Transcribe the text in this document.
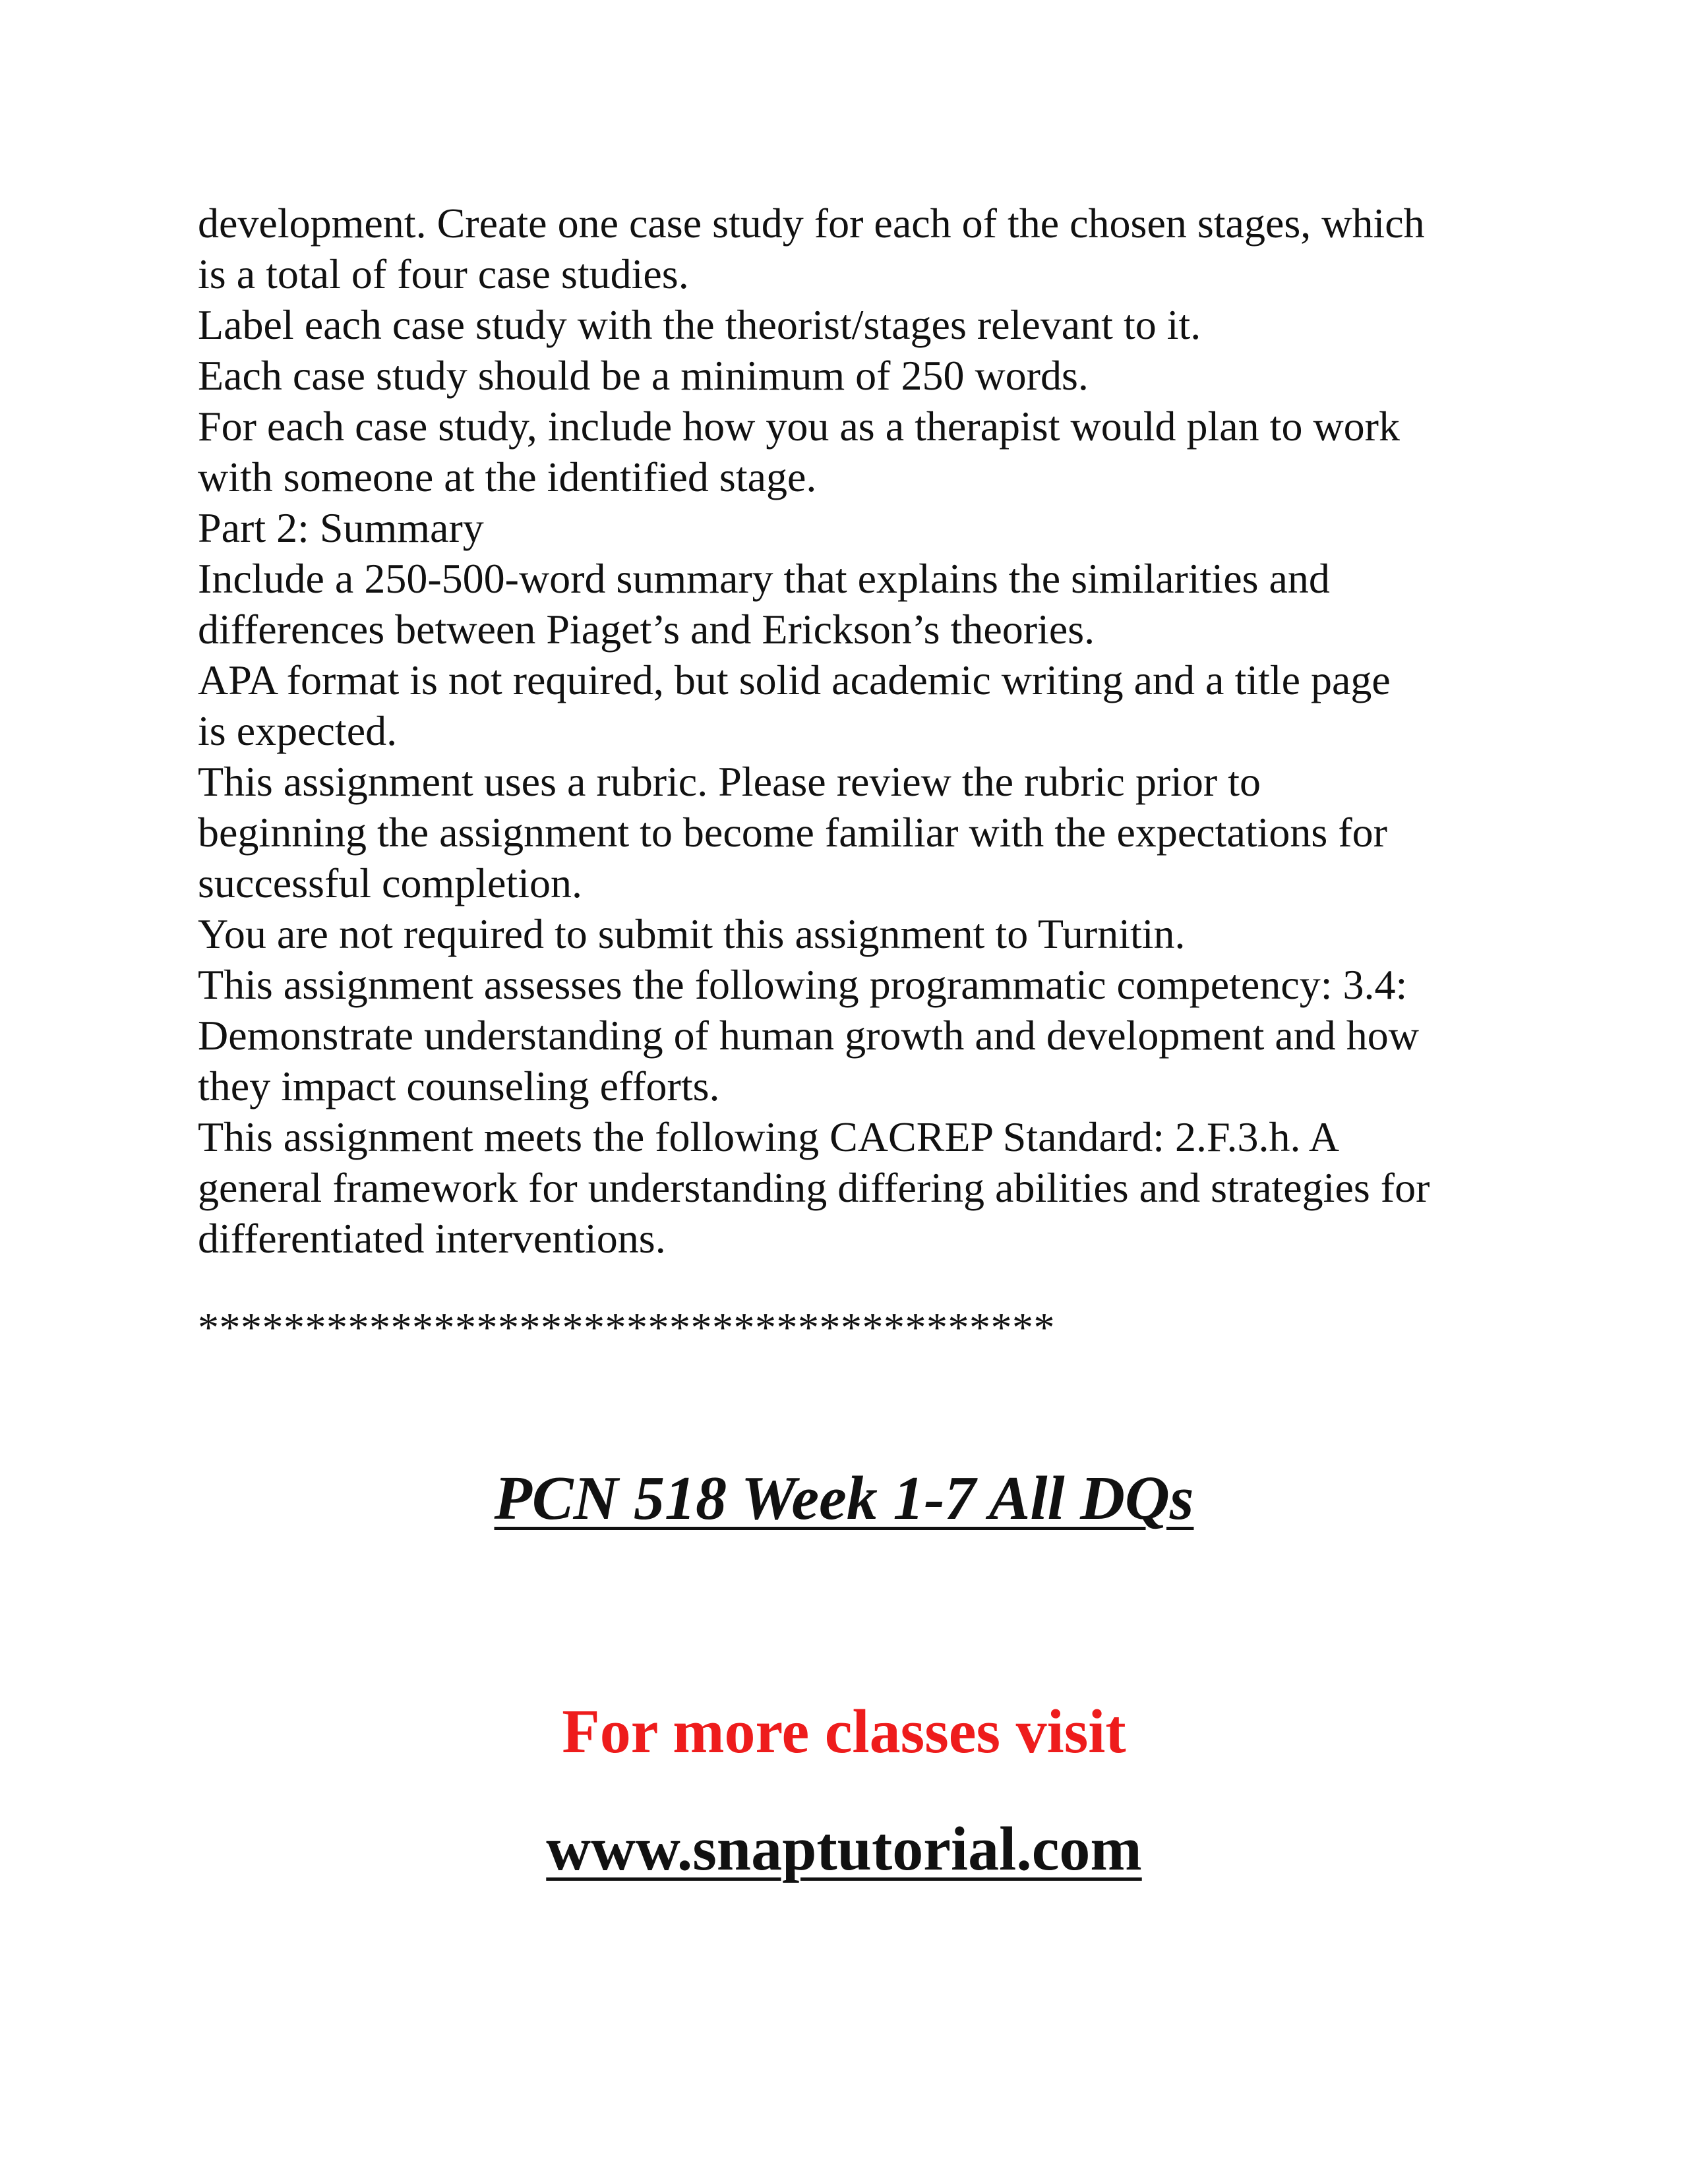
development. Create one case study for each of the chosen stages, which
is a total of four case studies.
Label each case study with the theorist/stages relevant to it.
Each case study should be a minimum of 250 words.
For each case study, include how you as a therapist would plan to work
with someone at the identified stage.
Part 2: Summary
Include a 250-500-word summary that explains the similarities and
differences between Piaget’s and Erickson’s theories.
APA format is not required, but solid academic writing and a title page
is expected.
This assignment uses a rubric. Please review the rubric prior to
beginning the assignment to become familiar with the expectations for
successful completion.
You are not required to submit this assignment to Turnitin.
This assignment assesses the following programmatic competency: 3.4:
Demonstrate understanding of human growth and development and how
they impact counseling efforts.
This assignment meets the following CACREP Standard: 2.F.3.h. A
general framework for understanding differing abilities and strategies for
differentiated interventions.
****************************************
PCN 518 Week 1-7 All DQs
For more classes visit
www.snaptutorial.com
